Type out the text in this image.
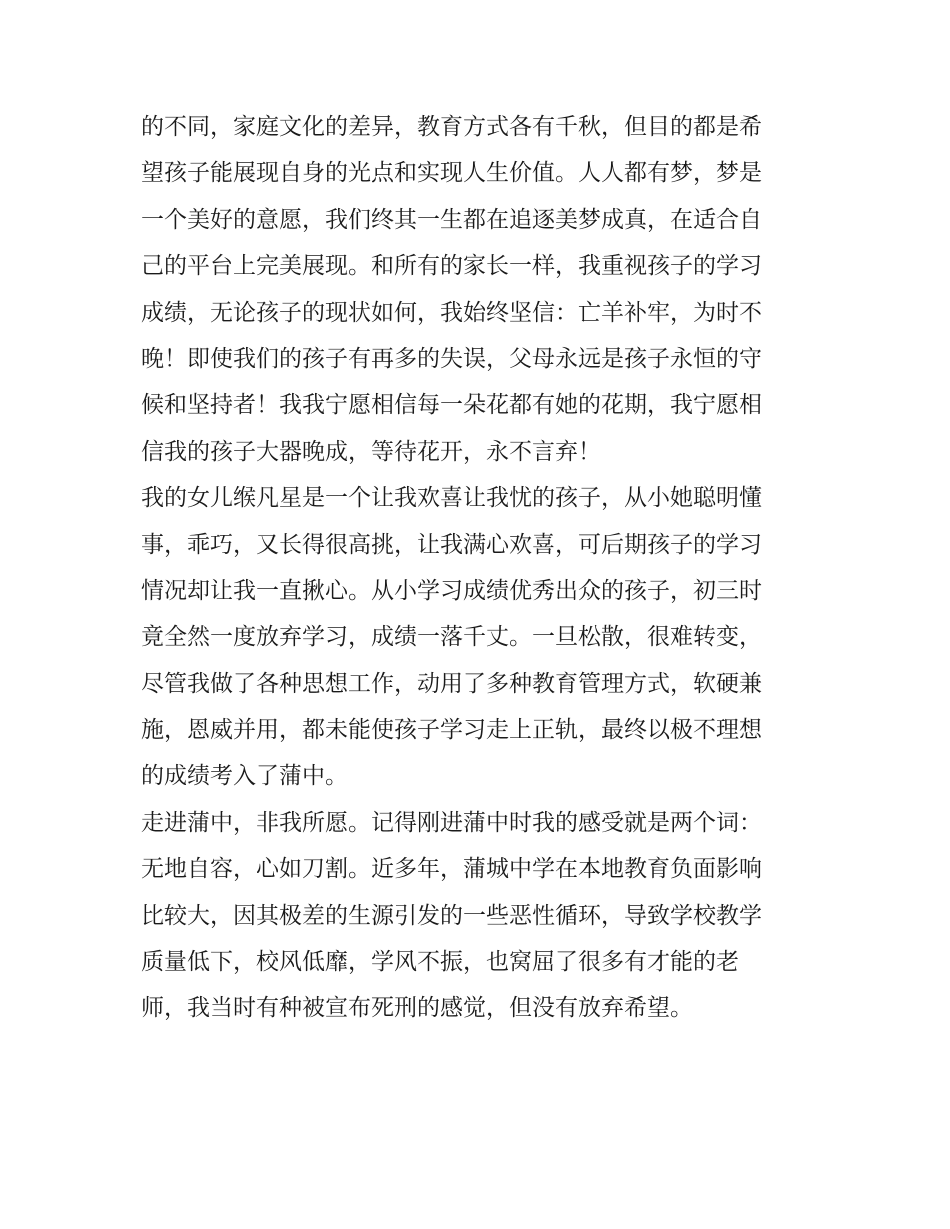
的不同，家庭文化的差异，教育方式各有千秋，但目的都是希
望孩子能展现自身的光点和实现人生价值。人人都有梦，梦是
一个美好的意愿，我们终其一生都在追逐美梦成真，在适合自
己的平台上完美展现。和所有的家长一样，我重视孩子的学习
成绩，无论孩子的现状如何，我始终坚信：亡羊补牢，为时不
晚！即使我们的孩子有再多的失误，父母永远是孩子永恒的守
候和坚持者！我我宁愿相信每一朵花都有她的花期，我宁愿相
信我的孩子大器晚成，等待花开，永不言弃！
我的女儿缑凡星是一个让我欢喜让我忧的孩子，从小她聪明懂
事，乖巧，又长得很高挑，让我满心欢喜，可后期孩子的学习
情况却让我一直揪心。从小学习成绩优秀出众的孩子，初三时
竟全然一度放弃学习，成绩一落千丈。一旦松散，很难转变，
尽管我做了各种思想工作，动用了多种教育管理方式，软硬兼
施，恩威并用，都未能使孩子学习走上正轨，最终以极不理想
的成绩考入了蒲中。
走进蒲中，非我所愿。记得刚进蒲中时我的感受就是两个词：
无地自容，心如刀割。近多年，蒲城中学在本地教育负面影响
比较大，因其极差的生源引发的一些恶性循环，导致学校教学
质量低下，校风低靡，学风不振，也窝屈了很多有才能的老
师，我当时有种被宣布死刑的感觉，但没有放弃希望。
